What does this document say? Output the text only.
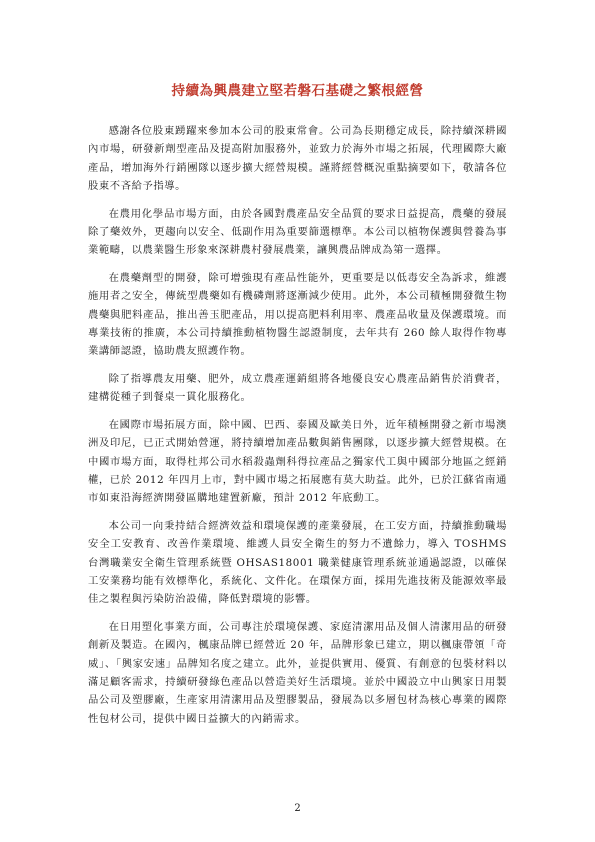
持續為興農建立堅若磐石基礎之繁根經營

感謝各位股東踴躍來參加本公司的股東常會。公司為長期穩定成長，除持續深耕國內市場，研發新劑型產品及提高附加服務外，並致力於海外市場之拓展，代理國際大廠產品，增加海外行銷團隊以逐步擴大經營規模。謹將經營概況重點摘要如下，敬請各位股東不吝給予指導。

在農用化學品市場方面，由於各國對農產品安全品質的要求日益提高，農藥的發展除了藥效外，更趨向以安全、低副作用為重要篩選標準。本公司以植物保護與營養為事業範疇，以農業醫生形象來深耕農村發展農業，讓興農品牌成為第一選擇。

在農藥劑型的開發，除可增強現有產品性能外，更重要是以低毒安全為訴求，維護施用者之安全，傳統型農藥如有機磷劑將逐漸減少使用。此外，本公司積極開發微生物農藥與肥料產品，推出善玉肥產品，用以提高肥料利用率、農產品收量及保護環境。而專業技術的推廣，本公司持續推動植物醫生認證制度，去年共有 260 餘人取得作物專業講師認證，協助農友照護作物。

除了指導農友用藥、肥外，成立農產運銷組將各地優良安心農產品銷售於消費者，建構從種子到餐桌一貫化服務化。

在國際市場拓展方面，除中國、巴西、泰國及歐美日外，近年積極開發之新市場澳洲及印尼，已正式開始營運，將持續增加產品數與銷售團隊，以逐步擴大經營規模。在中國市場方面，取得杜邦公司水稻殺蟲劑科得拉產品之獨家代工與中國部分地區之經銷權，已於 2012 年四月上市，對中國市場之拓展應有莫大助益。此外，已於江蘇省南通市如東沿海經濟開發區購地建置新廠，預計 2012 年底動工。

本公司一向秉持結合經濟效益和環境保護的產業發展，在工安方面，持續推動職場安全工安教育、改善作業環境、維護人員安全衛生的努力不遺餘力，導入 TOSHMS 台灣職業安全衛生管理系統暨 OHSAS18001 職業健康管理系統並通過認證，以確保工安業務均能有效標準化，系統化、文件化。在環保方面，採用先進技術及能源效率最佳之製程與污染防治設備，降低對環境的影響。

在日用塑化事業方面，公司專注於環境保護、家庭清潔用品及個人清潔用品的研發創新及製造。在國內，楓康品牌已經營近 20 年，品牌形象已建立，期以楓康帶領「奇威」、「興家安速」品牌知名度之建立。此外，並提供實用、優質、有創意的包裝材料以滿足顧客需求，持續研發綠色產品以營造美好生活環境。並於中國設立中山興家日用製品公司及塑膠廠，生產家用清潔用品及塑膠製品，發展為以多層包材為核心專業的國際性包材公司，提供中國日益擴大的內銷需求。

2
